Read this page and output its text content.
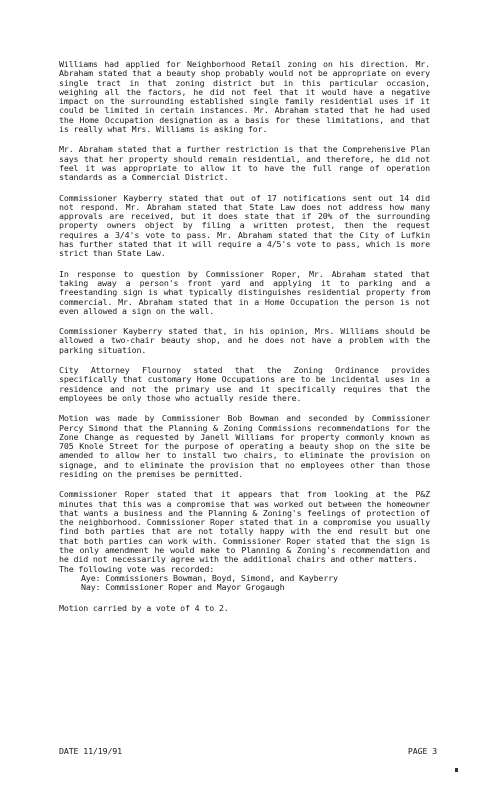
Williams had applied for Neighborhood Retail zoning on his direction. Mr. Abraham stated that a beauty shop probably would not be appropriate on every single tract in that zoning district but in this particular occasion, weighing all the factors, he did not feel that it would have a negative impact on the surrounding established single family residential uses if it could be limited in certain instances. Mr. Abraham stated that he had used the Home Occupation designation as a basis for these limitations, and that is really what Mrs. Williams is asking for.

Mr. Abraham stated that a further restriction is that the Comprehensive Plan says that her property should remain residential, and therefore, he did not feel it was appropriate to allow it to have the full range of operation standards as a Commercial District.

Commissioner Kayberry stated that out of 17 notifications sent out 14 did not respond. Mr. Abraham stated that State Law does not address how many approvals are received, but it does state that if 20% of the surrounding property owners object by filing a written protest, then the request requires a 3/4's vote to pass. Mr. Abraham stated that the City of Lufkin has further stated that it will require a 4/5's vote to pass, which is more strict than State Law.

In response to question by Commissioner Roper, Mr. Abraham stated that taking away a person's front yard and applying it to parking and a freestanding sign is what typically distinguishes residential property from commercial. Mr. Abraham stated that in a Home Occupation the person is not even allowed a sign on the wall.

Commissioner Kayberry stated that, in his opinion, Mrs. Williams should be allowed a two-chair beauty shop, and he does not have a problem with the parking situation.

City Attorney Flournoy stated that the Zoning Ordinance provides specifically that customary Home Occupations are to be incidental uses in a residence and not the primary use and it specifically requires that the employees be only those who actually reside there.

Motion was made by Commissioner Bob Bowman and seconded by Commissioner Percy Simond that the Planning & Zoning Commissions recommendations for the Zone Change as requested by Janell Williams for property commonly known as 705 Knole Street for the purpose of operating a beauty shop on the site be amended to allow her to install two chairs, to eliminate the provision on signage, and to eliminate the provision that no employees other than those residing on the premises be permitted.

Commissioner Roper stated that it appears that from looking at the P&Z minutes that this was a compromise that was worked out between the homeowner that wants a business and the Planning & Zoning's feelings of protection of the neighborhood. Commissioner Roper stated that in a compromise you usually find both parties that are not totally happy with the end result but one that both parties can work with. Commissioner Roper stated that the sign is the only amendment he would make to Planning & Zoning's recommendation and he did not necessarily agree with the additional chairs and other matters.

The following vote was recorded:

Aye: Commissioners Bowman, Boyd, Simond, and Kayberry

Nay: Commissioner Roper and Mayor Grogaugh

Motion carried by a vote of 4 to 2.

DATE 11/19/91	PAGE 3
